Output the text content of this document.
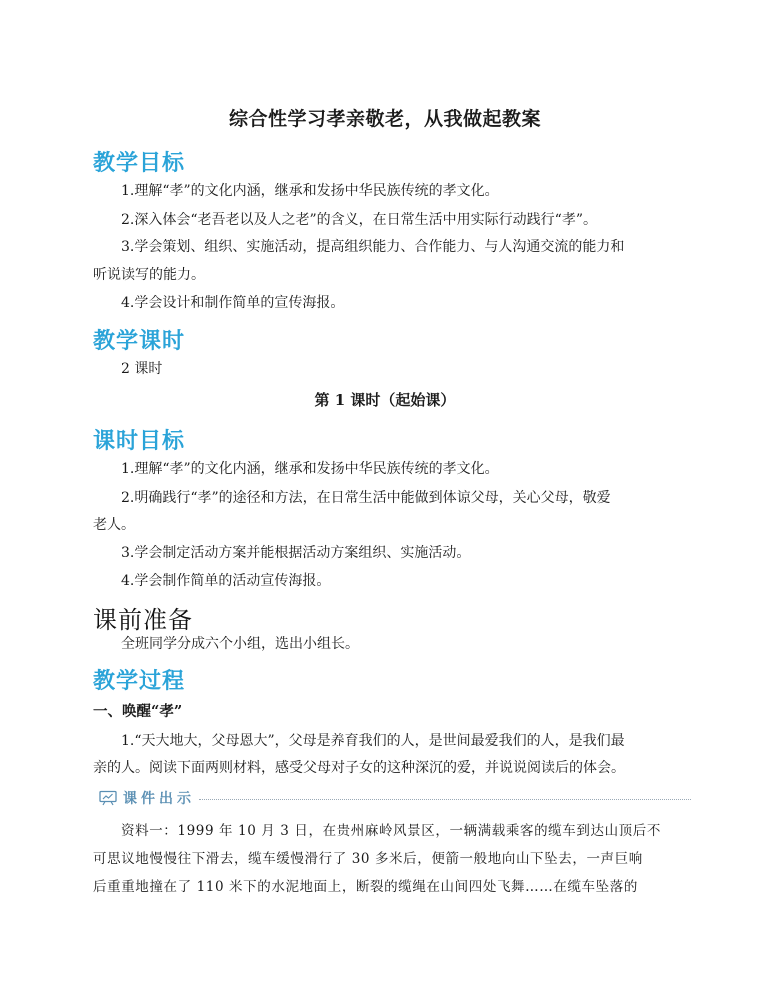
综合性学习孝亲敬老，从我做起教案
教学目标
1.理解“孝”的文化内涵，继承和发扬中华民族传统的孝文化。
2.深入体会“老吾老以及人之老”的含义，在日常生活中用实际行动践行“孝”。
3.学会策划、组织、实施活动，提高组织能力、合作能力、与人沟通交流的能力和
听说读写的能力。
4.学会设计和制作简单的宣传海报。
教学课时
2 课时
第 1 课时（起始课）
课时目标
1.理解“孝”的文化内涵，继承和发扬中华民族传统的孝文化。
2.明确践行“孝”的途径和方法，在日常生活中能做到体谅父母，关心父母，敬爱
老人。
3.学会制定活动方案并能根据活动方案组织、实施活动。
4.学会制作简单的活动宣传海报。
课前准备
全班同学分成六个小组，选出小组长。
教学过程
一、唤醒“孝”
1.“天大地大，父母恩大”，父母是养育我们的人，是世间最爱我们的人，是我们最
亲的人。阅读下面两则材料，感受父母对子女的这种深沉的爱，并说说阅读后的体会。
课件出示
资料一：1999 年 10 月 3 日，在贵州麻岭风景区，一辆满载乘客的缆车到达山顶后不
可思议地慢慢往下滑去，缆车缓慢滑行了 30 多米后，便箭一般地向山下坠去，一声巨响
后重重地撞在了 110 米下的水泥地面上，断裂的缆绳在山间四处飞舞……在缆车坠落的
